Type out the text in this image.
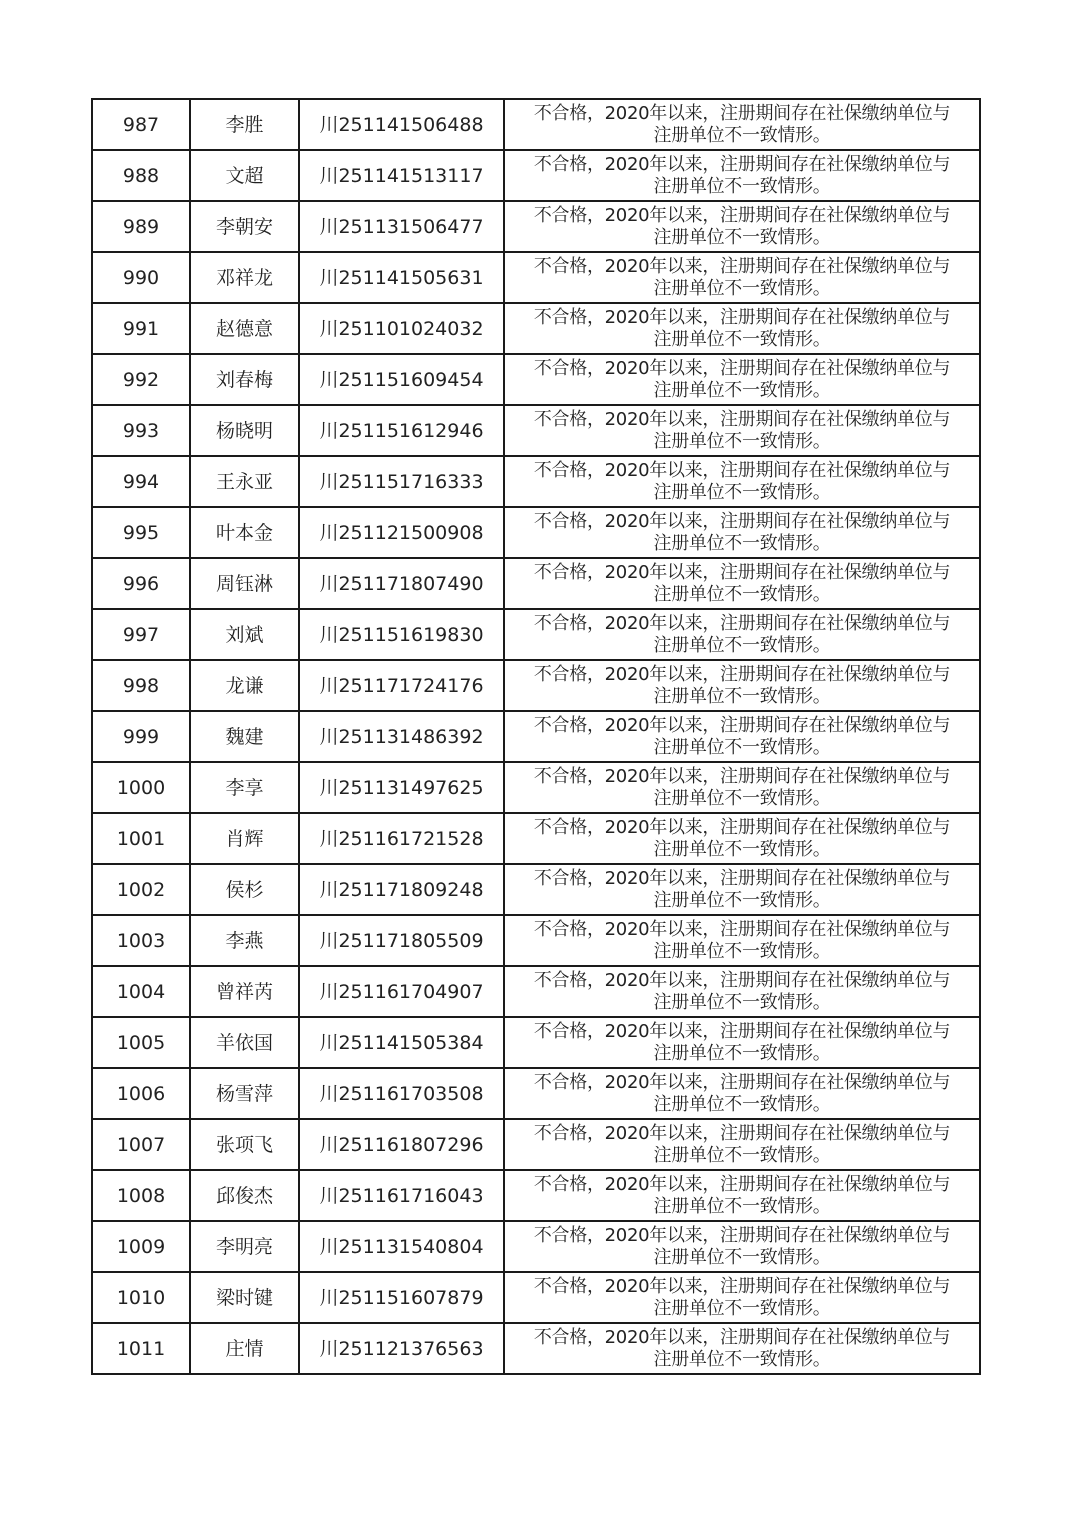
987	李胜	川251141506488	不合格，2020年以来，注册期间存在社保缴纳单位与
注册单位不一致情形。

988	文超	川251141513117	不合格，2020年以来，注册期间存在社保缴纳单位与
注册单位不一致情形。

989	李朝安	川251131506477	不合格，2020年以来，注册期间存在社保缴纳单位与
注册单位不一致情形。

990	邓祥龙	川251141505631	不合格，2020年以来，注册期间存在社保缴纳单位与
注册单位不一致情形。

991	赵德意	川251101024032	不合格，2020年以来，注册期间存在社保缴纳单位与
注册单位不一致情形。

992	刘春梅	川251151609454	不合格，2020年以来，注册期间存在社保缴纳单位与
注册单位不一致情形。

993	杨晓明	川251151612946	不合格，2020年以来，注册期间存在社保缴纳单位与
注册单位不一致情形。

994	王永亚	川251151716333	不合格，2020年以来，注册期间存在社保缴纳单位与
注册单位不一致情形。

995	叶本金	川251121500908	不合格，2020年以来，注册期间存在社保缴纳单位与
注册单位不一致情形。

996	周钰淋	川251171807490	不合格，2020年以来，注册期间存在社保缴纳单位与
注册单位不一致情形。

997	刘斌	川251151619830	不合格，2020年以来，注册期间存在社保缴纳单位与
注册单位不一致情形。

998	龙谦	川251171724176	不合格，2020年以来，注册期间存在社保缴纳单位与
注册单位不一致情形。

999	魏建	川251131486392	不合格，2020年以来，注册期间存在社保缴纳单位与
注册单位不一致情形。

1000	李享	川251131497625	不合格，2020年以来，注册期间存在社保缴纳单位与
注册单位不一致情形。

1001	肖辉	川251161721528	不合格，2020年以来，注册期间存在社保缴纳单位与
注册单位不一致情形。

1002	侯杉	川251171809248	不合格，2020年以来，注册期间存在社保缴纳单位与
注册单位不一致情形。

1003	李燕	川251171805509	不合格，2020年以来，注册期间存在社保缴纳单位与
注册单位不一致情形。

1004	曾祥芮	川251161704907	不合格，2020年以来，注册期间存在社保缴纳单位与
注册单位不一致情形。

1005	羊依国	川251141505384	不合格，2020年以来，注册期间存在社保缴纳单位与
注册单位不一致情形。

1006	杨雪萍	川251161703508	不合格，2020年以来，注册期间存在社保缴纳单位与
注册单位不一致情形。

1007	张项飞	川251161807296	不合格，2020年以来，注册期间存在社保缴纳单位与
注册单位不一致情形。

1008	邱俊杰	川251161716043	不合格，2020年以来，注册期间存在社保缴纳单位与
注册单位不一致情形。

1009	李明亮	川251131540804	不合格，2020年以来，注册期间存在社保缴纳单位与
注册单位不一致情形。

1010	梁时键	川251151607879	不合格，2020年以来，注册期间存在社保缴纳单位与
注册单位不一致情形。

1011	庄情	川251121376563	不合格，2020年以来，注册期间存在社保缴纳单位与
注册单位不一致情形。
